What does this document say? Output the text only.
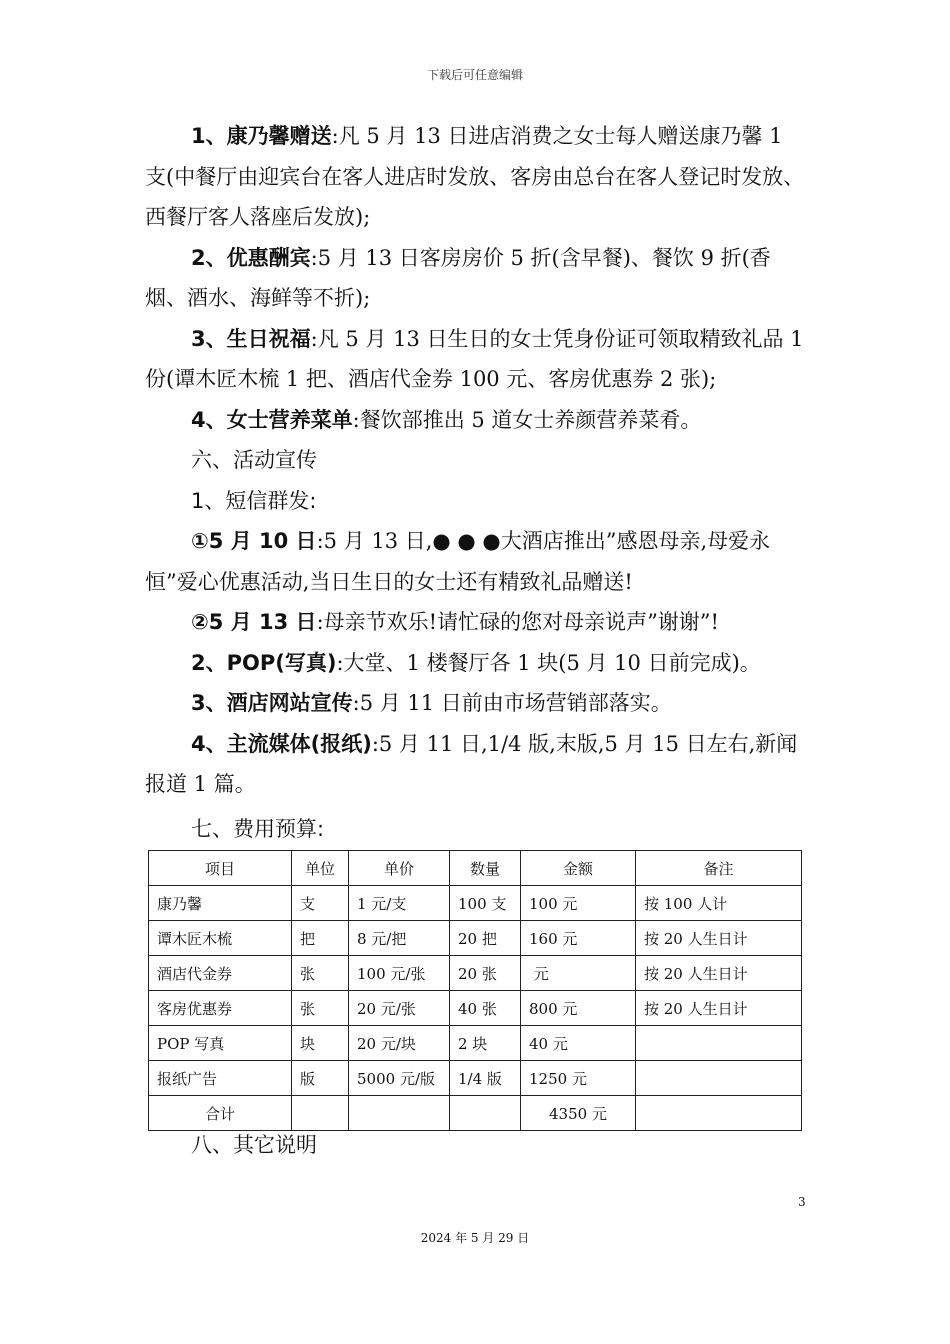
下载后可任意编辑

1、康乃馨赠送:凡 5 月 13 日进店消费之女士每人赠送康乃馨 1 支(中餐厅由迎宾台在客人进店时发放、客房由总台在客人登记时发放、西餐厅客人落座后发放);

2、优惠酬宾:5 月 13 日客房房价 5 折(含早餐)、餐饮 9 折(香烟、酒水、海鲜等不折);

3、生日祝福:凡 5 月 13 日生日的女士凭身份证可领取精致礼品 1 份(谭木匠木梳 1 把、酒店代金券 100 元、客房优惠券 2 张);

4、女士营养菜单:餐饮部推出 5 道女士养颜营养菜肴。

六、活动宣传

1、短信群发:

①5 月 10 日:5 月 13 日,● ● ●大酒店推出”感恩母亲,母爱永恒”爱心优惠活动,当日生日的女士还有精致礼品赠送!

②5 月 13 日:母亲节欢乐!请忙碌的您对母亲说声”谢谢”!

2、POP(写真):大堂、1 楼餐厅各 1 块(5 月 10 日前完成)。

3、酒店网站宣传:5 月 11 日前由市场营销部落实。

4、主流媒体(报纸):5 月 11 日,1/4 版,末版,5 月 15 日左右,新闻报道 1 篇。

七、费用预算:

项目	单位	单价	数量	金额	备注
康乃馨	支	1 元/支	100 支	100 元	按 100 人计
谭木匠木梳	把	8 元/把	20 把	160 元	按 20 人生日计
酒店代金券	张	100 元/张	20 张	元	按 20 人生日计
客房优惠券	张	20 元/张	40 张	800 元	按 20 人生日计
POP 写真	块	20 元/块	2 块	40 元	
报纸广告	版	5000 元/版	1/4 版	1250 元	
合计				4350 元	
八、其它说明
3
2024 年 5 月 29 日
